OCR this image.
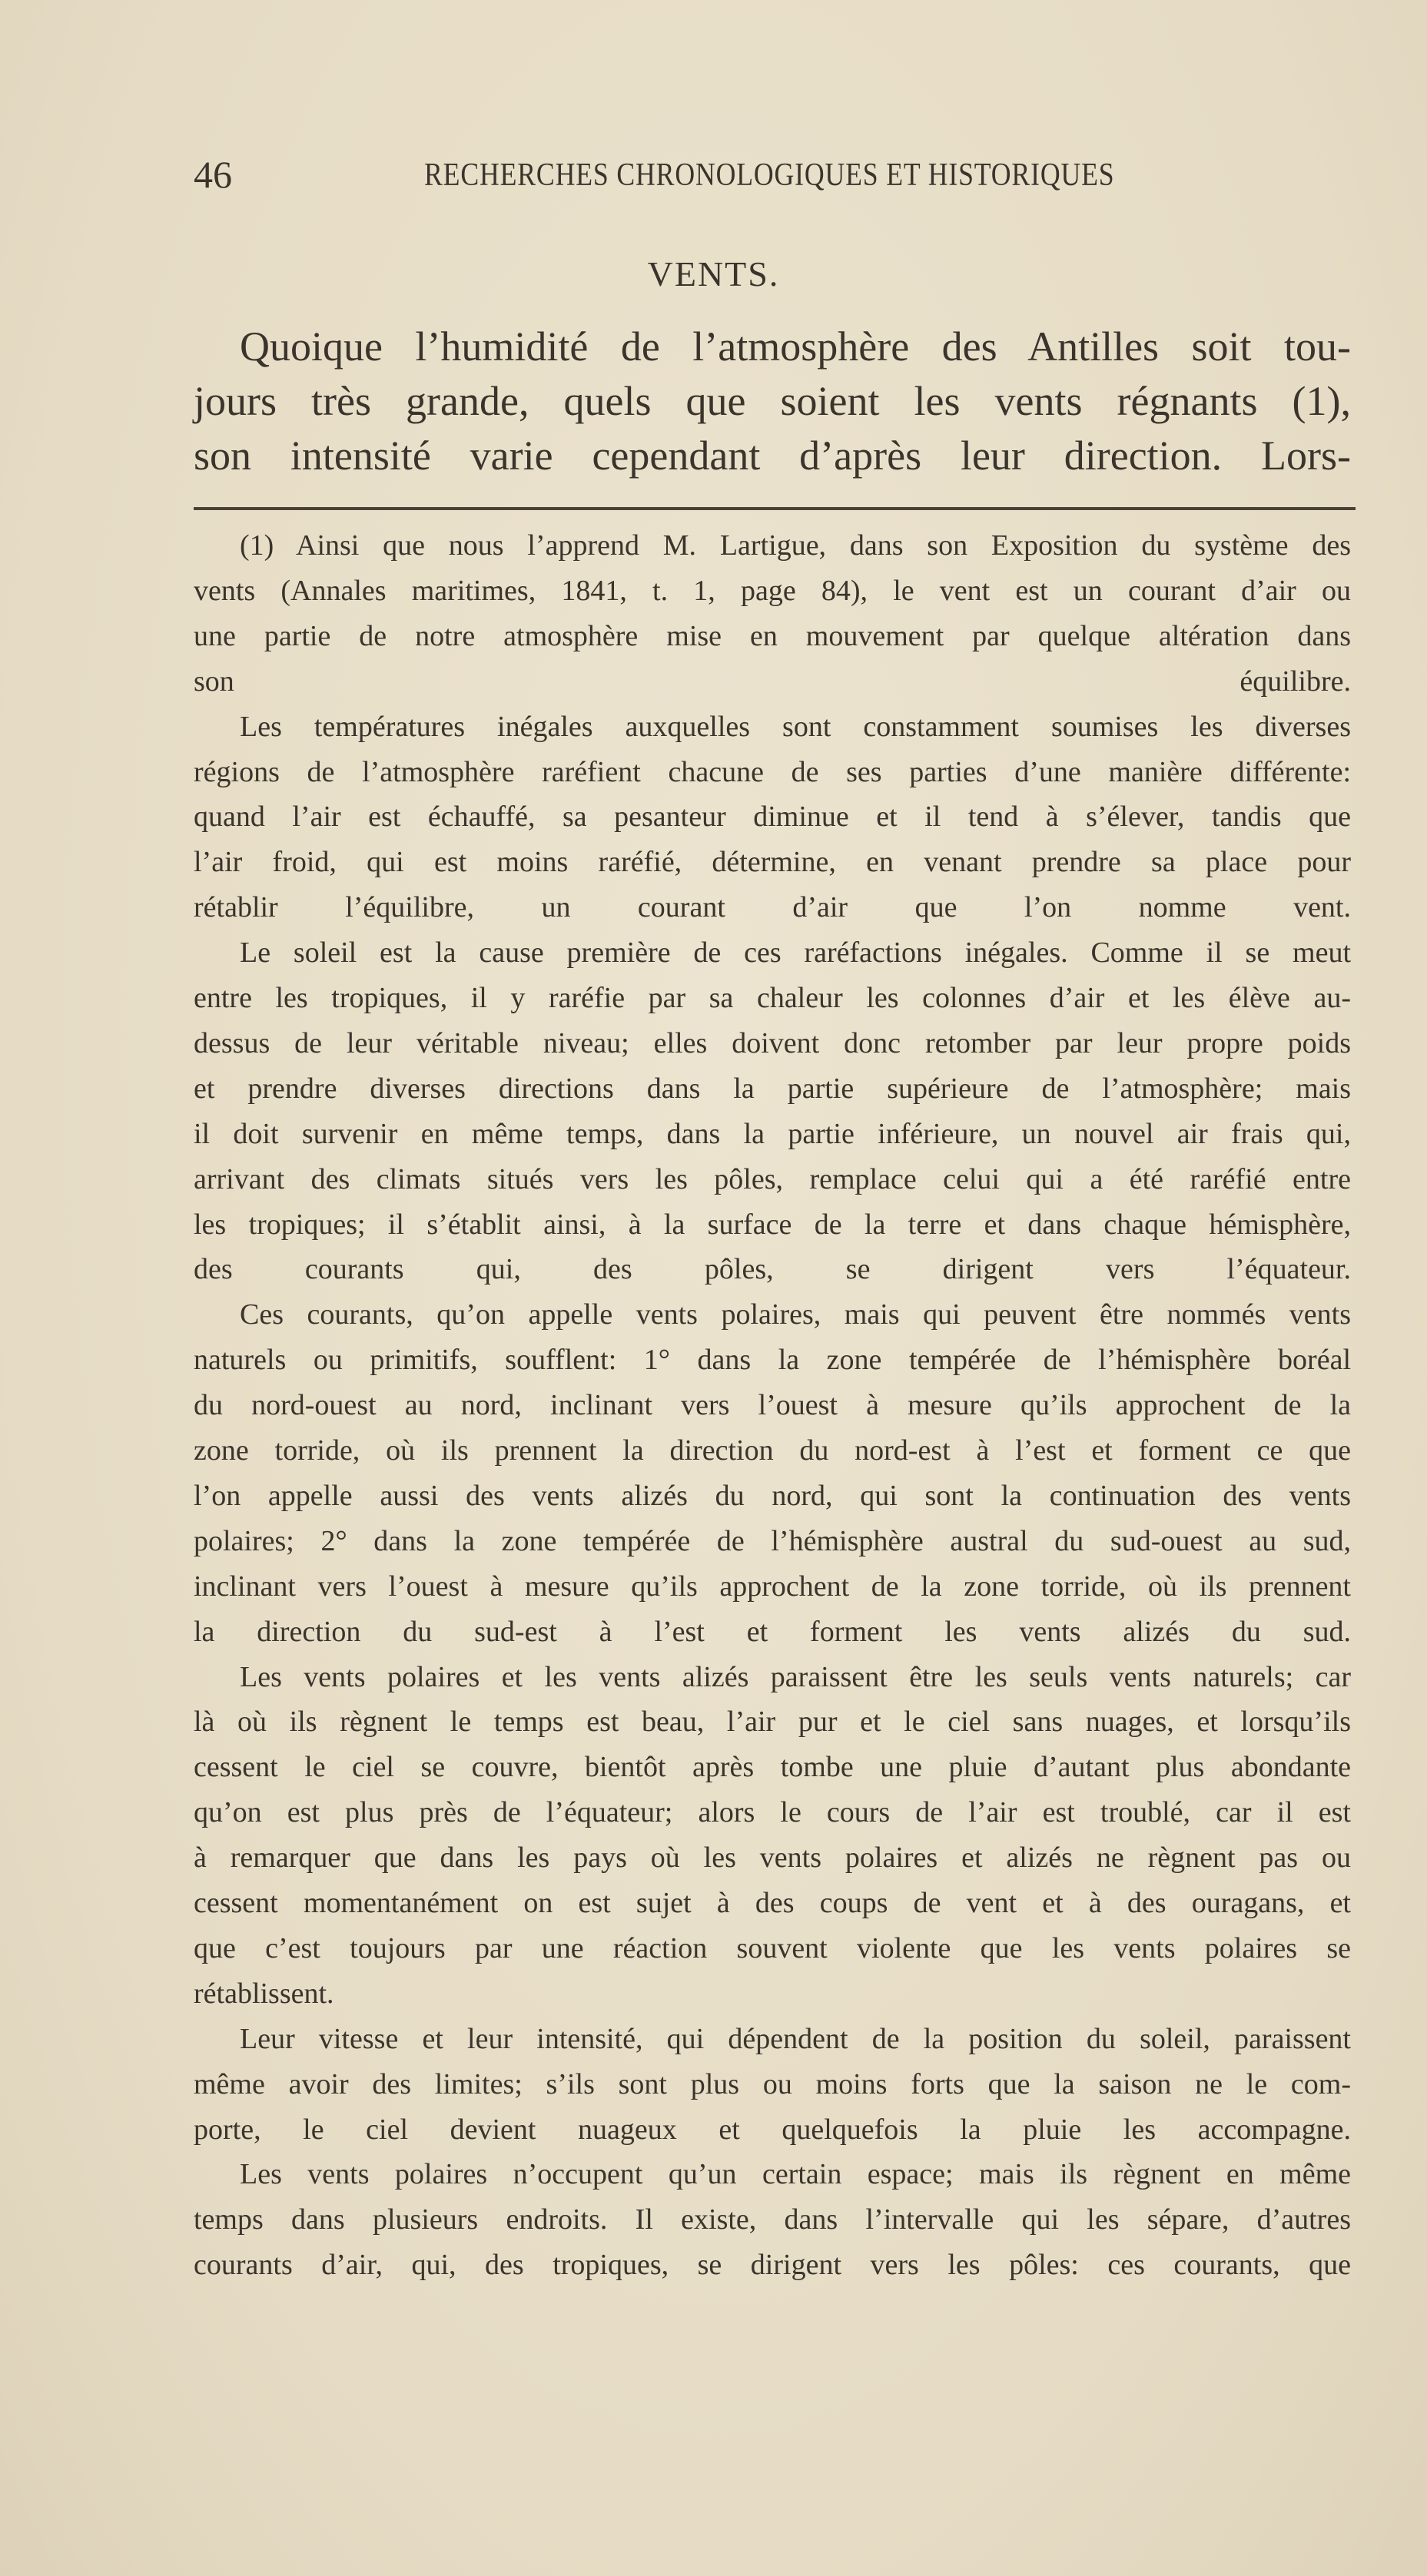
46	RECHERCHES CHRONOLOGIQUES ET HISTORIQUES
VENTS.
Quoique l’humidité de l’atmosphère des Antilles soit tou-
jours très grande, quels que soient les vents régnants (1),
son intensité varie cependant d’après leur direction. Lors-
(1) Ainsi que nous l’apprend M. Lartigue, dans son Exposition du système des
vents (Annales maritimes, 1841, t. 1, page 84), le vent est un courant d’air ou
une partie de notre atmosphère mise en mouvement par quelque altération dans
son équilibre.
Les températures inégales auxquelles sont constamment soumises les diverses
régions de l’atmosphère raréfient chacune de ses parties d’une manière différente:
quand l’air est échauffé, sa pesanteur diminue et il tend à s’élever, tandis que
l’air froid, qui est moins raréfié, détermine, en venant prendre sa place pour
rétablir l’équilibre, un courant d’air que l’on nomme vent.
Le soleil est la cause première de ces raréfactions inégales. Comme il se meut
entre les tropiques, il y raréfie par sa chaleur les colonnes d’air et les élève au-
dessus de leur véritable niveau; elles doivent donc retomber par leur propre poids
et prendre diverses directions dans la partie supérieure de l’atmosphère; mais
il doit survenir en même temps, dans la partie inférieure, un nouvel air frais qui,
arrivant des climats situés vers les pôles, remplace celui qui a été raréfié entre
les tropiques; il s’établit ainsi, à la surface de la terre et dans chaque hémisphère,
des courants qui, des pôles, se dirigent vers l’équateur.
Ces courants, qu’on appelle vents polaires, mais qui peuvent être nommés vents
naturels ou primitifs, soufflent: 1° dans la zone tempérée de l’hémisphère boréal
du nord-ouest au nord, inclinant vers l’ouest à mesure qu’ils approchent de la
zone torride, où ils prennent la direction du nord-est à l’est et forment ce que
l’on appelle aussi des vents alizés du nord, qui sont la continuation des vents
polaires; 2° dans la zone tempérée de l’hémisphère austral du sud-ouest au sud,
inclinant vers l’ouest à mesure qu’ils approchent de la zone torride, où ils prennent
la direction du sud-est à l’est et forment les vents alizés du sud.
Les vents polaires et les vents alizés paraissent être les seuls vents naturels; car
là où ils règnent le temps est beau, l’air pur et le ciel sans nuages, et lorsqu’ils
cessent le ciel se couvre, bientôt après tombe une pluie d’autant plus abondante
qu’on est plus près de l’équateur; alors le cours de l’air est troublé, car il est
à remarquer que dans les pays où les vents polaires et alizés ne règnent pas ou
cessent momentanément on est sujet à des coups de vent et à des ouragans, et
que c’est toujours par une réaction souvent violente que les vents polaires se
rétablissent.
Leur vitesse et leur intensité, qui dépendent de la position du soleil, paraissent
même avoir des limites; s’ils sont plus ou moins forts que la saison ne le com-
porte, le ciel devient nuageux et quelquefois la pluie les accompagne.
Les vents polaires n’occupent qu’un certain espace; mais ils règnent en même
temps dans plusieurs endroits. Il existe, dans l’intervalle qui les sépare, d’autres
courants d’air, qui, des tropiques, se dirigent vers les pôles: ces courants, que
